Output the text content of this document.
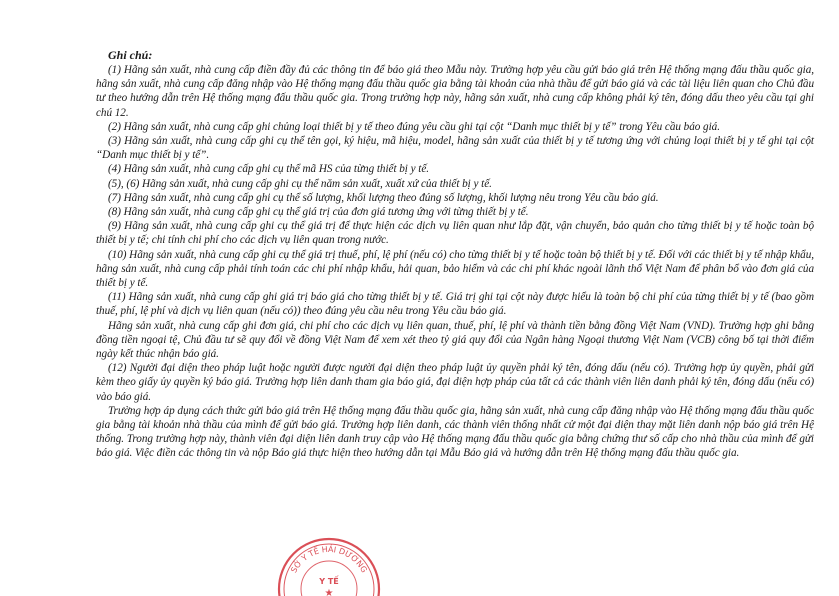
Ghi chú:

(1) Hãng sản xuất, nhà cung cấp điền đầy đủ các thông tin để báo giá theo Mẫu này. Trường hợp yêu cầu gửi báo giá trên Hệ thống mạng đấu thầu quốc gia, hãng sản xuất, nhà cung cấp đăng nhập vào Hệ thống mạng đấu thầu quốc gia bằng tài khoản của nhà thầu để gửi báo giá và các tài liệu liên quan cho Chủ đầu tư theo hướng dẫn trên Hệ thống mạng đấu thầu quốc gia. Trong trường hợp này, hãng sản xuất, nhà cung cấp không phải ký tên, đóng dấu theo yêu cầu tại ghi chú 12.

(2) Hãng sản xuất, nhà cung cấp ghi chủng loại thiết bị y tế theo đúng yêu cầu ghi tại cột “Danh mục thiết bị y tế” trong Yêu cầu báo giá.

(3) Hãng sản xuất, nhà cung cấp ghi cụ thể tên gọi, ký hiệu, mã hiệu, model, hãng sản xuất của thiết bị y tế tương ứng với chủng loại thiết bị y tế ghi tại cột “Danh mục thiết bị y tế”.

(4) Hãng sản xuất, nhà cung cấp ghi cụ thể mã HS của từng thiết bị y tế.

(5), (6) Hãng sản xuất, nhà cung cấp ghi cụ thể năm sản xuất, xuất xứ của thiết bị y tế.

(7) Hãng sản xuất, nhà cung cấp ghi cụ thể số lượng, khối lượng theo đúng số lượng, khối lượng nêu trong Yêu cầu báo giá.

(8) Hãng sản xuất, nhà cung cấp ghi cụ thể giá trị của đơn giá tương ứng với từng thiết bị y tế.

(9) Hãng sản xuất, nhà cung cấp ghi cụ thể giá trị để thực hiện các dịch vụ liên quan như lắp đặt, vận chuyển, bảo quản cho từng thiết bị y tế hoặc toàn bộ thiết bị y tế; chi tính chi phí cho các dịch vụ liên quan trong nước.

(10) Hãng sản xuất, nhà cung cấp ghi cụ thể giá trị thuế, phí, lệ phí (nếu có) cho từng thiết bị y tế hoặc toàn bộ thiết bị y tế. Đối với các thiết bị y tế nhập khẩu, hãng sản xuất, nhà cung cấp phải tính toán các chi phí nhập khẩu, hải quan, bảo hiểm và các chi phí khác ngoài lãnh thổ Việt Nam để phân bổ vào đơn giá của thiết bị y tế.

(11) Hãng sản xuất, nhà cung cấp ghi giá trị báo giá cho từng thiết bị y tế. Giá trị ghi tại cột này được hiểu là toàn bộ chi phí của từng thiết bị y tế (bao gồm thuế, phí, lệ phí và dịch vụ liên quan (nếu có)) theo đúng yêu cầu nêu trong Yêu cầu báo giá.

Hãng sản xuất, nhà cung cấp ghi đơn giá, chi phí cho các dịch vụ liên quan, thuế, phí, lệ phí và thành tiền bằng đồng Việt Nam (VND). Trường hợp ghi bằng đồng tiền ngoại tệ, Chủ đầu tư sẽ quy đổi về đồng Việt Nam để xem xét theo tỷ giá quy đổi của Ngân hàng Ngoại thương Việt Nam (VCB) công bố tại thời điểm ngày kết thúc nhận báo giá.

(12) Người đại diện theo pháp luật hoặc người được người đại diện theo pháp luật ủy quyền phải ký tên, đóng dấu (nếu có). Trường hợp ủy quyền, phải gửi kèm theo giấy ủy quyền ký báo giá. Trường hợp liên danh tham gia báo giá, đại diện hợp pháp của tất cả các thành viên liên danh phải ký tên, đóng dấu (nếu có) vào báo giá.

Trường hợp áp dụng cách thức gửi báo giá trên Hệ thống mạng đấu thầu quốc gia, hãng sản xuất, nhà cung cấp đăng nhập vào Hệ thống mạng đấu thầu quốc gia bằng tài khoản nhà thầu của mình để gửi báo giá. Trường hợp liên danh, các thành viên thống nhất cử một đại diện thay mặt liên danh nộp báo giá trên Hệ thống. Trong trường hợp này, thành viên đại diện liên danh truy cập vào Hệ thống mạng đấu thầu quốc gia bằng chứng thư số cấp cho nhà thầu của mình để gửi báo giá. Việc điền các thông tin và nộp Báo giá thực hiện theo hướng dẫn tại Mẫu Báo giá và hướng dẫn trên Hệ thống mạng đấu thầu quốc gia.

SỞ Y TẾ HẢI DƯƠNG
Y TẾ
★
